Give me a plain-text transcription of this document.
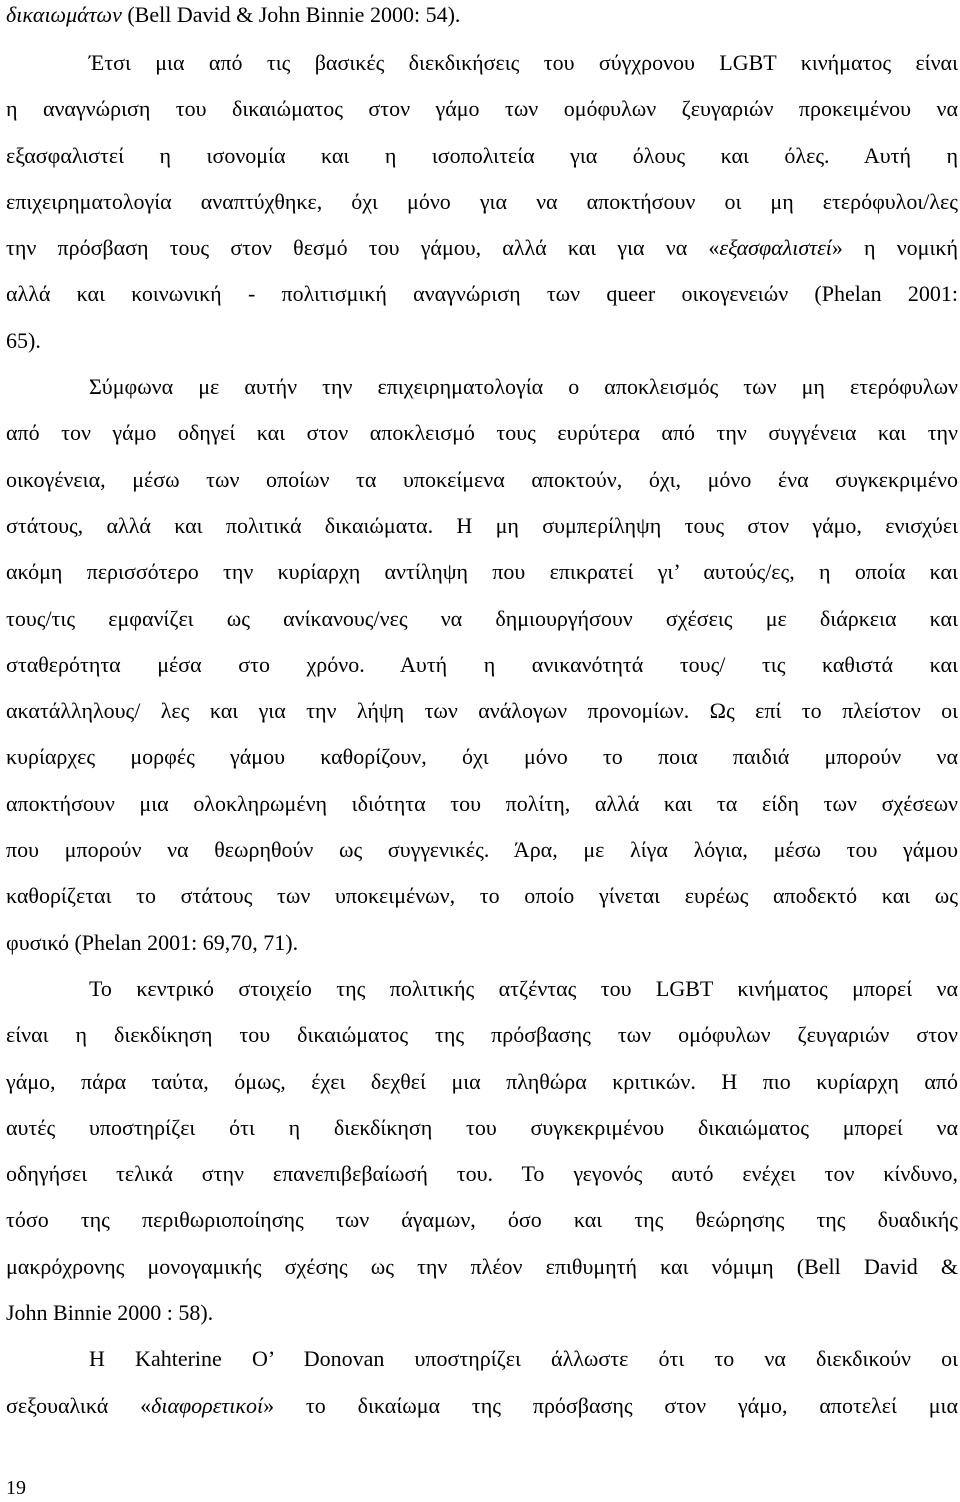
δικαιωμάτων (Bell David & John Binnie 2000: 54).
Έτσι μια από τις βασικές διεκδικήσεις του σύγχρονου LGBT κινήματος είναι
η αναγνώριση του δικαιώματος στον γάμο των ομόφυλων ζευγαριών προκειμένου να
εξασφαλιστεί η ισονομία και η ισοπολιτεία για όλους και όλες. Αυτή η
επιχειρηματολογία αναπτύχθηκε, όχι μόνο για να αποκτήσουν οι μη ετερόφυλοι/λες
την πρόσβαση τους στον θεσμό του γάμου, αλλά και για να «εξασφαλιστεί» η νομική
αλλά και κοινωνική - πολιτισμική αναγνώριση των queer οικογενειών (Phelan 2001:
65).
Σύμφωνα με αυτήν την επιχειρηματολογία ο αποκλεισμός των μη ετερόφυλων
από τον γάμο οδηγεί και στον αποκλεισμό τους ευρύτερα από την συγγένεια και την
οικογένεια, μέσω των οποίων τα υποκείμενα αποκτούν, όχι, μόνο ένα συγκεκριμένο
στάτους, αλλά και πολιτικά δικαιώματα. Η μη συμπερίληψη τους στον γάμο, ενισχύει
ακόμη περισσότερο την κυρίαρχη αντίληψη που επικρατεί γι’ αυτούς/ες, η οποία και
τους/τις εμφανίζει ως ανίκανους/νες να δημιουργήσουν σχέσεις με διάρκεια και
σταθερότητα μέσα στο χρόνο. Αυτή η ανικανότητά τους/ τις καθιστά και
ακατάλληλους/ λες και για την λήψη των ανάλογων προνομίων. Ως επί το πλείστον οι
κυρίαρχες μορφές γάμου καθορίζουν, όχι μόνο το ποια παιδιά μπορούν να
αποκτήσουν μια ολοκληρωμένη ιδιότητα του πολίτη, αλλά και τα είδη των σχέσεων
που μπορούν να θεωρηθούν ως συγγενικές. Άρα, με λίγα λόγια, μέσω του γάμου
καθορίζεται το στάτους των υποκειμένων, το οποίο γίνεται ευρέως αποδεκτό και ως
φυσικό (Phelan 2001: 69,70, 71).
Το κεντρικό στοιχείο της πολιτικής ατζέντας του LGBT κινήματος μπορεί να
είναι η διεκδίκηση του δικαιώματος της πρόσβασης των ομόφυλων ζευγαριών στον
γάμο, πάρα ταύτα, όμως, έχει δεχθεί μια πληθώρα κριτικών. Η πιο κυρίαρχη από
αυτές υποστηρίζει ότι η διεκδίκηση του συγκεκριμένου δικαιώματος μπορεί να
οδηγήσει τελικά στην επανεπιβεβαίωσή του. Το γεγονός αυτό ενέχει τον κίνδυνο,
τόσο της περιθωριοποίησης των άγαμων, όσο και της θεώρησης της δυαδικής
μακρόχρονης μονογαμικής σχέσης ως την πλέον επιθυμητή και νόμιμη (Bell David &
John Binnie 2000 : 58).
Η Kahterine O’ Donovan υποστηρίζει άλλωστε ότι το να διεκδικούν οι
σεξουαλικά «διαφορετικοί» το δικαίωμα της πρόσβασης στον γάμο, αποτελεί μια
19
